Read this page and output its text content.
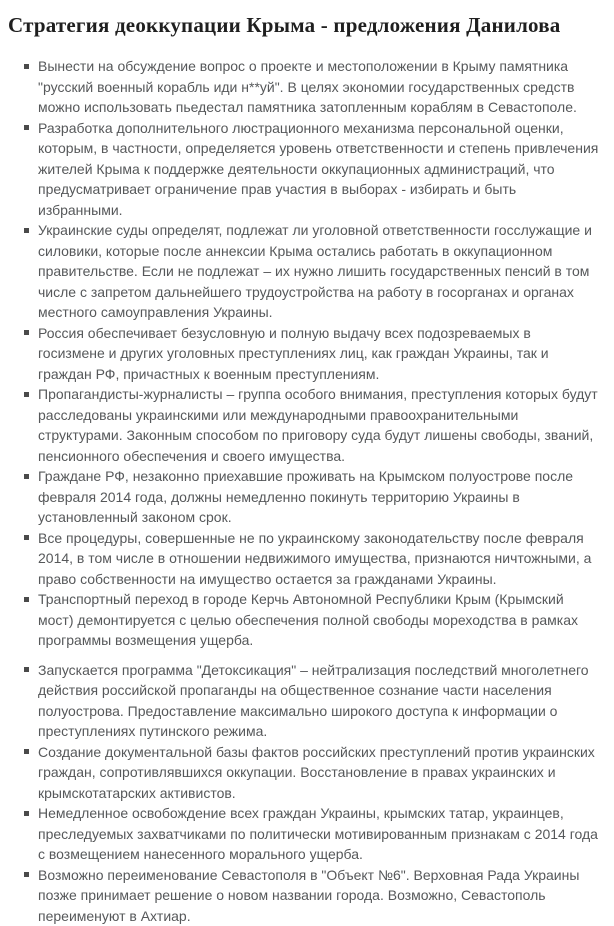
Стратегия деоккупации Крыма - предложения Данилова
Вынести на обсуждение вопрос о проекте и местоположении в Крыму памятника "русский военный корабль иди н**уй". В целях экономии государственных средств можно использовать пьедестал памятника затопленным кораблям в Севастополе.
Разработка дополнительного люстрационного механизма персональной оценки, которым, в частности, определяется уровень ответственности и степень привлечения жителей Крыма к поддержке деятельности оккупационных администраций, что предусматривает ограничение прав участия в выборах - избирать и быть избранными.
Украинские суды определят, подлежат ли уголовной ответственности госслужащие и силовики, которые после аннексии Крыма остались работать в оккупационном правительстве. Если не подлежат – их нужно лишить государственных пенсий в том числе с запретом дальнейшего трудоустройства на работу в госорганах и органах местного самоуправления Украины.
Россия обеспечивает безусловную и полную выдачу всех подозреваемых в госизмене и других уголовных преступлениях лиц, как граждан Украины, так и граждан РФ, причастных к военным преступлениям.
Пропагандисты-журналисты – группа особого внимания, преступления которых будут расследованы украинскими или международными правоохранительными структурами. Законным способом по приговору суда будут лишены свободы, званий, пенсионного обеспечения и своего имущества.
Граждане РФ, незаконно приехавшие проживать на Крымском полуострове после февраля 2014 года, должны немедленно покинуть территорию Украины в установленный законом срок.
Все процедуры, совершенные не по украинскому законодательству после февраля 2014, в том числе в отношении недвижимого имущества, признаются ничтожными, а право собственности на имущество остается за гражданами Украины.
Транспортный переход в городе Керчь Автономной Республики Крым (Крымский мост) демонтируется с целью обеспечения полной свободы мореходства в рамках программы возмещения ущерба.
Запускается программа "Детоксикация" – нейтрализация последствий многолетнего действия российской пропаганды на общественное сознание части населения полуострова. Предоставление максимально широкого доступа к информации о преступлениях путинского режима.
Создание документальной базы фактов российских преступлений против украинских граждан, сопротивлявшихся оккупации. Восстановление в правах украинских и крымскотатарских активистов.
Немедленное освобождение всех граждан Украины, крымских татар, украинцев, преследуемых захватчиками по политически мотивированным признакам с 2014 года с возмещением нанесенного морального ущерба.
Возможно переименование Севастополя в "Объект №6". Верховная Рада Украины позже принимает решение о новом названии города. Возможно, Севастополь переименуют в Ахтиар.
